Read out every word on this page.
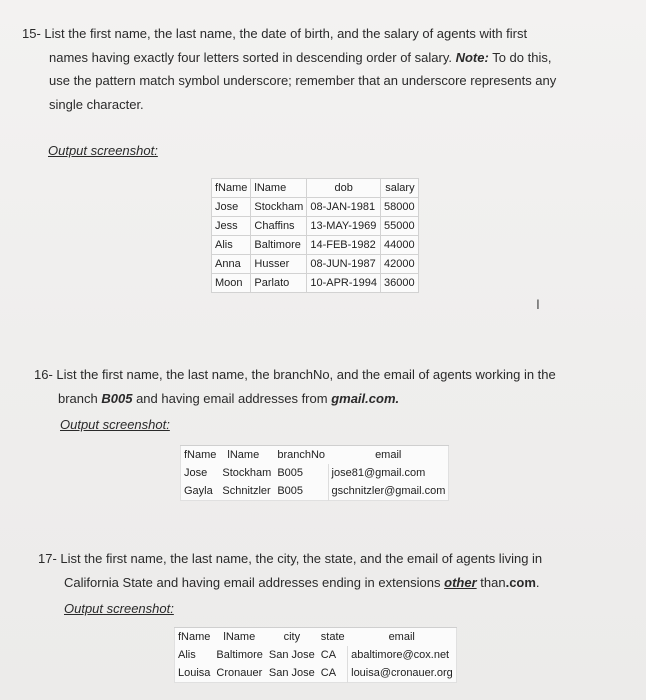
15- List the first name, the last name, the date of birth, and the salary of agents with first
names having exactly four letters sorted in descending order of salary. Note: To do this,
use the pattern match symbol underscore; remember that an underscore represents any
single character.
Output screenshot:
fName	lName	dob	salary
Jose	Stockham	08-JAN-1981	58000
Jess	Chaffins	13-MAY-1969	55000
Alis	Baltimore	14-FEB-1982	44000
Anna	Husser	08-JUN-1987	42000
Moon	Parlato	10-APR-1994	36000
I
16- List the first name, the last name, the branchNo, and the email of agents working in the
branch B005 and having email addresses from gmail.com.
Output screenshot:
fName	lName	branchNo	email
Jose	Stockham	B005	jose81@gmail.com
Gayla	Schnitzler	B005	gschnitzler@gmail.com
17- List the first name, the last name, the city, the state, and the email of agents living in
California State and having email addresses ending in extensions other than.com.
Output screenshot:
fName	lName	city	state	email
Alis	Baltimore	San Jose	CA	abaltimore@cox.net
Louisa	Cronauer	San Jose	CA	louisa@cronauer.org
